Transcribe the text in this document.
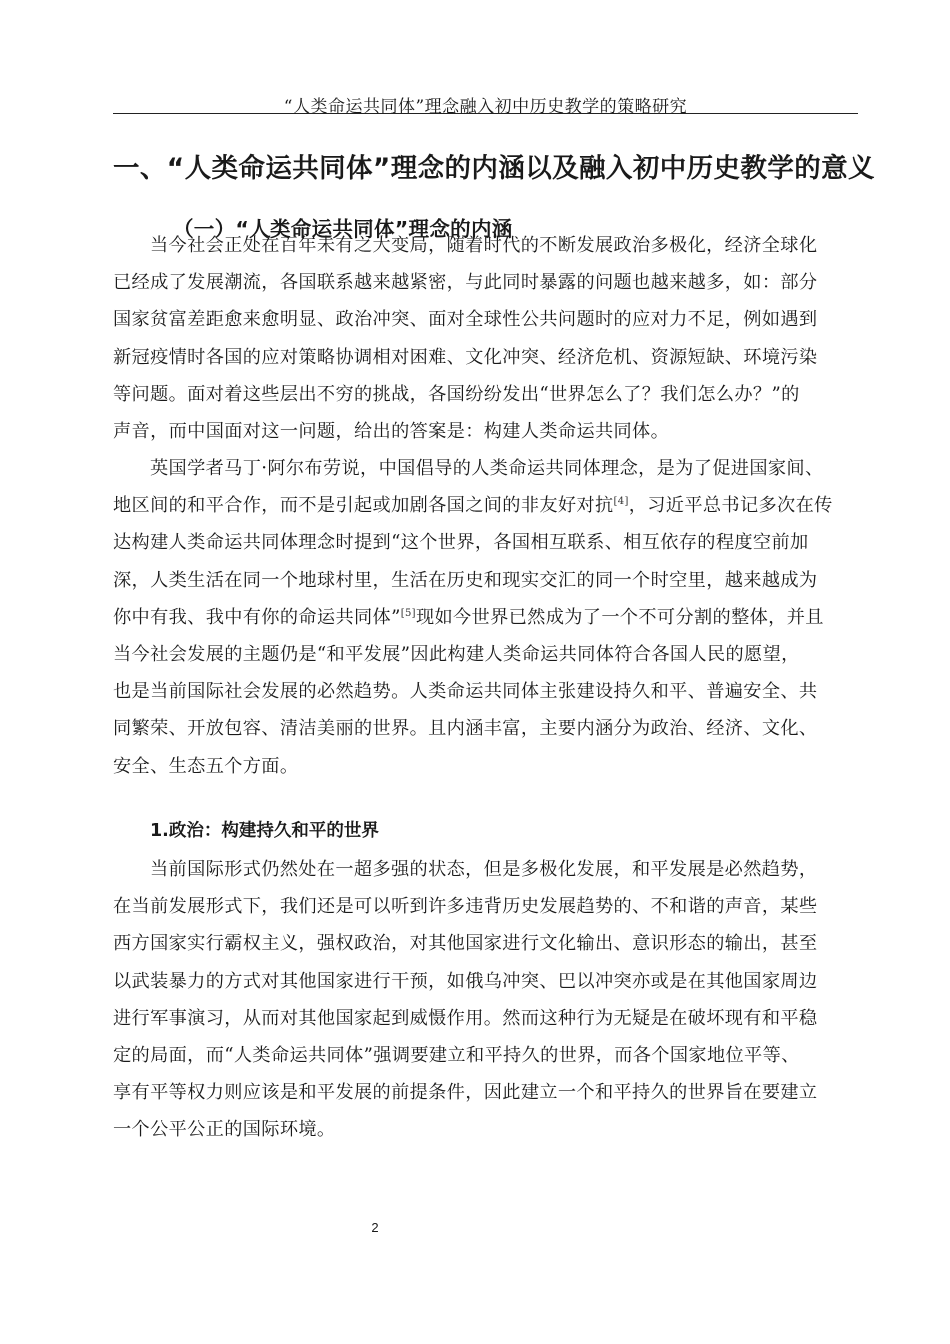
“人类命运共同体”理念融入初中历史教学的策略研究
一、“人类命运共同体”理念的内涵以及融入初中历史教学的意义
（一）“人类命运共同体”理念的内涵
当今社会正处在百年未有之大变局，随着时代的不断发展政治多极化，经济全球化
已经成了发展潮流，各国联系越来越紧密，与此同时暴露的问题也越来越多，如：部分
国家贫富差距愈来愈明显、政治冲突、面对全球性公共问题时的应对力不足，例如遇到
新冠疫情时各国的应对策略协调相对困难、文化冲突、经济危机、资源短缺、环境污染
等问题。面对着这些层出不穷的挑战，各国纷纷发出“世界怎么了？我们怎么办？”的
声音，而中国面对这一问题，给出的答案是：构建人类命运共同体。
英国学者马丁·阿尔布劳说，中国倡导的人类命运共同体理念，是为了促进国家间、
地区间的和平合作，而不是引起或加剧各国之间的非友好对抗[4]，习近平总书记多次在传
达构建人类命运共同体理念时提到“这个世界，各国相互联系、相互依存的程度空前加
深，人类生活在同一个地球村里，生活在历史和现实交汇的同一个时空里，越来越成为
你中有我、我中有你的命运共同体”[5]现如今世界已然成为了一个不可分割的整体，并且
当今社会发展的主题仍是“和平发展”因此构建人类命运共同体符合各国人民的愿望，
也是当前国际社会发展的必然趋势。人类命运共同体主张建设持久和平、普遍安全、共
同繁荣、开放包容、清洁美丽的世界。且内涵丰富，主要内涵分为政治、经济、文化、
安全、生态五个方面。
1.政治：构建持久和平的世界
当前国际形式仍然处在一超多强的状态，但是多极化发展，和平发展是必然趋势，
在当前发展形式下，我们还是可以听到许多违背历史发展趋势的、不和谐的声音，某些
西方国家实行霸权主义，强权政治，对其他国家进行文化输出、意识形态的输出，甚至
以武装暴力的方式对其他国家进行干预，如俄乌冲突、巴以冲突亦或是在其他国家周边
进行军事演习，从而对其他国家起到威慑作用。然而这种行为无疑是在破坏现有和平稳
定的局面，而“人类命运共同体”强调要建立和平持久的世界，而各个国家地位平等、
享有平等权力则应该是和平发展的前提条件，因此建立一个和平持久的世界旨在要建立
一个公平公正的国际环境。
2
